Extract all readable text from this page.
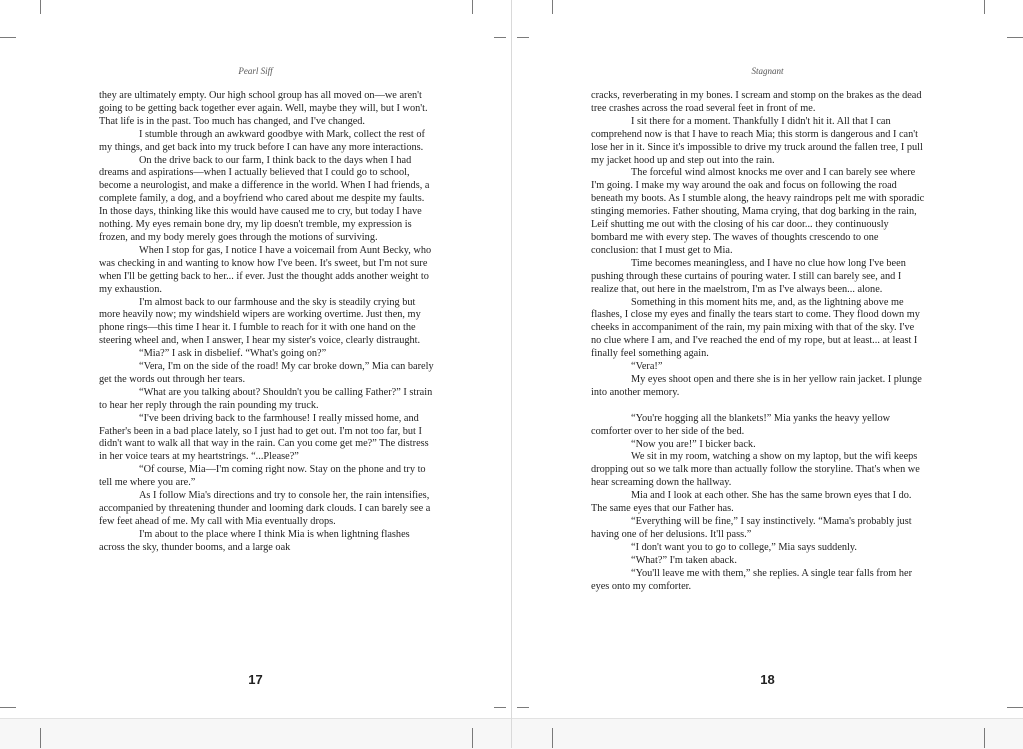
Pearl Siff

they are ultimately empty. Our high school group has all moved on—we aren't going to be getting back together ever again. Well, maybe they will, but I won't. That life is in the past. Too much has changed, and I've changed.

I stumble through an awkward goodbye with Mark, collect the rest of my things, and get back into my truck before I can have any more interactions.

On the drive back to our farm, I think back to the days when I had dreams and aspirations—when I actually believed that I could go to school, become a neurologist, and make a difference in the world. When I had friends, a complete family, a dog, and a boyfriend who cared about me despite my faults. In those days, thinking like this would have caused me to cry, but today I have nothing. My eyes remain bone dry, my lip doesn't tremble, my expression is frozen, and my body merely goes through the motions of surviving.

When I stop for gas, I notice I have a voicemail from Aunt Becky, who was checking in and wanting to know how I've been. It's sweet, but I'm not sure when I'll be getting back to her... if ever. Just the thought adds another weight to my exhaustion.

I'm almost back to our farmhouse and the sky is steadily crying but more heavily now; my windshield wipers are working overtime. Just then, my phone rings—this time I hear it. I fumble to reach for it with one hand on the steering wheel and, when I answer, I hear my sister's voice, clearly distraught.

“Mia?” I ask in disbelief. “What's going on?”

“Vera, I'm on the side of the road! My car broke down,” Mia can barely get the words out through her tears.

“What are you talking about? Shouldn't you be calling Father?” I strain to hear her reply through the rain pounding my truck.

“I've been driving back to the farmhouse! I really missed home, and Father's been in a bad place lately, so I just had to get out. I'm not too far, but I didn't want to walk all that way in the rain. Can you come get me?” The distress in her voice tears at my heartstrings. “...Please?”

“Of course, Mia—I'm coming right now. Stay on the phone and try to tell me where you are.”

As I follow Mia's directions and try to console her, the rain intensifies, accompanied by threatening thunder and looming dark clouds. I can barely see a few feet ahead of me. My call with Mia eventually drops.

I'm about to the place where I think Mia is when lightning flashes across the sky, thunder booms, and a large oak

17
Stagnant

cracks, reverberating in my bones. I scream and stomp on the brakes as the dead tree crashes across the road several feet in front of me.

I sit there for a moment. Thankfully I didn't hit it. All that I can comprehend now is that I have to reach Mia; this storm is dangerous and I can't lose her in it. Since it's impossible to drive my truck around the fallen tree, I pull my jacket hood up and step out into the rain.

The forceful wind almost knocks me over and I can barely see where I'm going. I make my way around the oak and focus on following the road beneath my boots. As I stumble along, the heavy raindrops pelt me with sporadic stinging memories. Father shouting, Mama crying, that dog barking in the rain, Leif shutting me out with the closing of his car door... they continuously bombard me with every step. The waves of thoughts crescendo to one conclusion: that I must get to Mia.

Time becomes meaningless, and I have no clue how long I've been pushing through these curtains of pouring water. I still can barely see, and I realize that, out here in the maelstrom, I'm as I've always been... alone.

Something in this moment hits me, and, as the lightning above me flashes, I close my eyes and finally the tears start to come. They flood down my cheeks in accompaniment of the rain, my pain mixing with that of the sky. I've no clue where I am, and I've reached the end of my rope, but at least... at least I finally feel something again.

“Vera!”

My eyes shoot open and there she is in her yellow rain jacket. I plunge into another memory.

“You're hogging all the blankets!” Mia yanks the heavy yellow comforter over to her side of the bed.

“Now you are!” I bicker back.

We sit in my room, watching a show on my laptop, but the wifi keeps dropping out so we talk more than actually follow the storyline. That's when we hear screaming down the hallway.

Mia and I look at each other. She has the same brown eyes that I do. The same eyes that our Father has.

“Everything will be fine,” I say instinctively. “Mama's probably just having one of her delusions. It'll pass.”

“I don't want you to go to college,” Mia says suddenly.

“What?” I'm taken aback.

“You'll leave me with them,” she replies. A single tear falls from her eyes onto my comforter.

18
